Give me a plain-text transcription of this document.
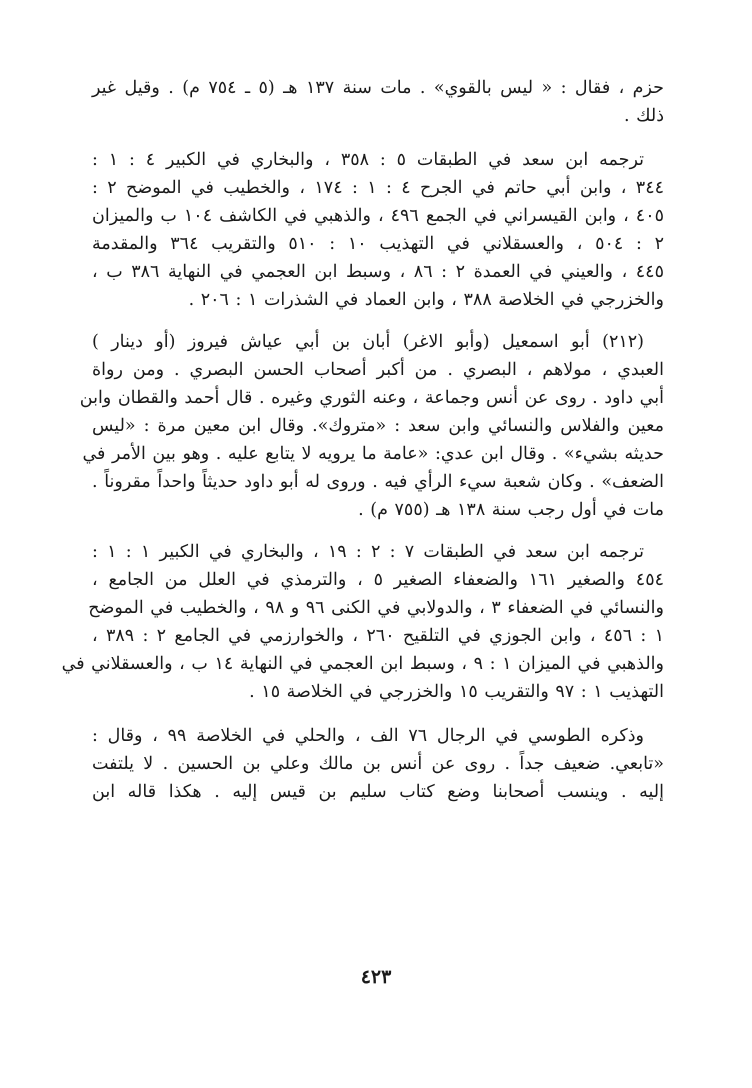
حزم ، فقال : « ليس بالقوي» . مات سنة ١٣٧ هـ (٥ ـ ٧٥٤ م) . وقيل غير
ذلك .

ترجمه ابن سعد في الطبقات ٥ : ٣٥٨ ، والبخاري في الكبير ٤ : ١ :
٣٤٤ ، وابن أبي حاتم في الجرح ٤ : ١ : ١٧٤ ، والخطيب في الموضح ٢ :
٤٠٥ ، وابن القيسراني في الجمع ٤٩٦ ، والذهبي في الكاشف ١٠٤ ب والميزان
٢ : ٥٠٤ ، والعسقلاني في التهذيب ١٠ : ٥١٠ والتقريب ٣٦٤ والمقدمة
٤٤٥ ، والعيني في العمدة ٢ : ٨٦ ، وسبط ابن العجمي في النهاية ٣٨٦ ب ،
والخزرجي في الخلاصة ٣٨٨ ، وابن العماد في الشذرات ١ : ٢٠٦ .

(٢١٢) أبو اسمعيل (وأبو الاغر) أبان بن أبي عياش فيروز (أو دينار )
العبدي ، مولاهم ، البصري . من أكبر أصحاب الحسن البصري . ومن رواة
أبي داود . روى عن أنس وجماعة ، وعنه الثوري وغيره . قال أحمد والقطان وابن
معين والفلاس والنسائي وابن سعد : «متروك». وقال ابن معين مرة : «ليس
حديثه بشيء» . وقال ابن عدي: «عامة ما يرويه لا يتابع عليه . وهو بين الأمر في
الضعف» . وكان شعبة سيء الرأي فيه . وروى له أبو داود حديثاً واحداً مقروناً .
مات في أول رجب سنة ١٣٨ هـ (٧٥٥ م) .

ترجمه ابن سعد في الطبقات ٧ : ٢ : ١٩ ، والبخاري في الكبير ١ : ١ :
٤٥٤ والصغير ١٦١ والضعفاء الصغير ٥ ، والترمذي في العلل من الجامع ،
والنسائي في الضعفاء ٣ ، والدولابي في الكنى ٩٦ و ٩٨ ، والخطيب في الموضح
١ : ٤٥٦ ، وابن الجوزي في التلقيح ٢٦٠ ، والخوارزمي في الجامع ٢ : ٣٨٩ ،
والذهبي في الميزان ١ : ٩ ، وسبط ابن العجمي في النهاية ١٤ ب ، والعسقلاني في
التهذيب ١ : ٩٧ والتقريب ١٥ والخزرجي في الخلاصة ١٥ .

وذكره الطوسي في الرجال ٧٦ الف ، والحلي في الخلاصة ٩٩ ، وقال :
«تابعي. ضعيف جداً . روى عن أنس بن مالك وعلي بن الحسين . لا يلتفت
إليه . وينسب أصحابنا وضع كتاب سليم بن قيس إليه . هكذا قاله ابن

٤٢٣
